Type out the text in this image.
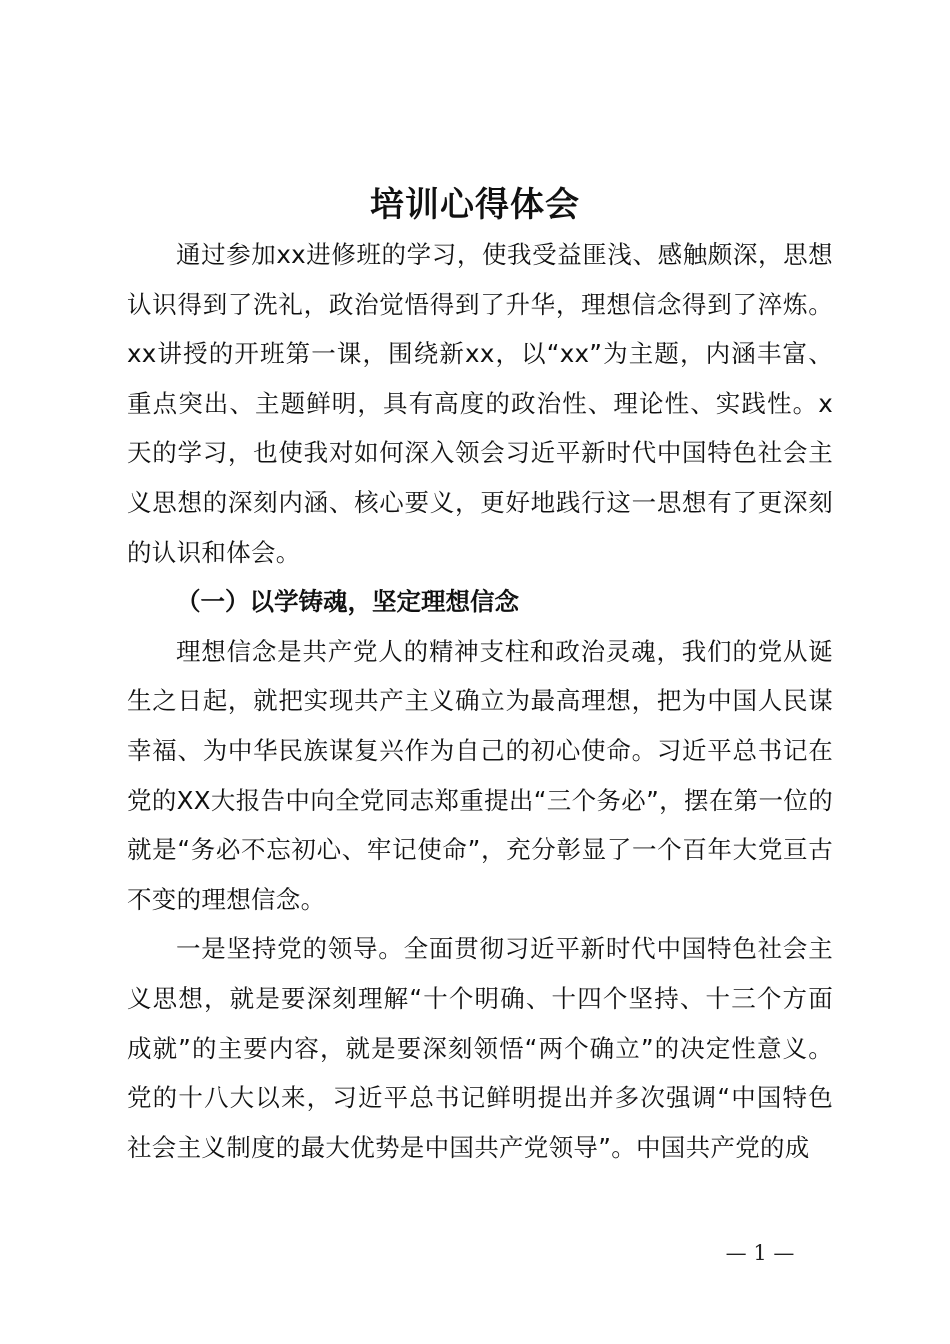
培训心得体会

通过参加xx进修班的学习，使我受益匪浅、感触颇深，思想认识得到了洗礼，政治觉悟得到了升华，理想信念得到了淬炼。xx讲授的开班第一课，围绕新xx，以“xx”为主题，内涵丰富、重点突出、主题鲜明，具有高度的政治性、理论性、实践性。x天的学习，也使我对如何深入领会习近平新时代中国特色社会主义思想的深刻内涵、核心要义，更好地践行这一思想有了更深刻的认识和体会。

（一）以学铸魂，坚定理想信念

理想信念是共产党人的精神支柱和政治灵魂，我们的党从诞生之日起，就把实现共产主义确立为最高理想，把为中国人民谋幸福、为中华民族谋复兴作为自己的初心使命。习近平总书记在党的XX大报告中向全党同志郑重提出“三个务必”，摆在第一位的就是“务必不忘初心、牢记使命”，充分彰显了一个百年大党亘古不变的理想信念。

一是坚持党的领导。全面贯彻习近平新时代中国特色社会主义思想，就是要深刻理解“十个明确、十四个坚持、十三个方面成就”的主要内容，就是要深刻领悟“两个确立”的决定性意义。党的十八大以来，习近平总书记鲜明提出并多次强调“中国特色社会主义制度的最大优势是中国共产党领导”。中国共产党的成

— 1 —
